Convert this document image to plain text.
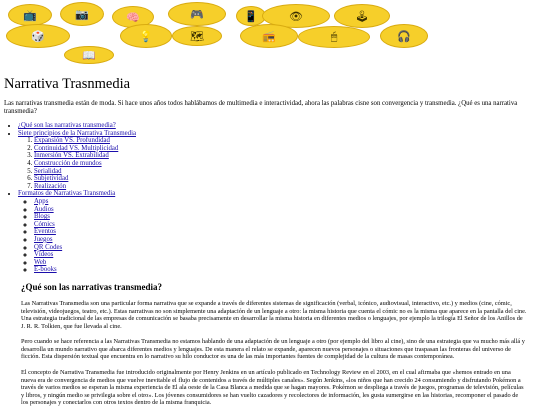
📺	📷	🧠	🎮	📱	👁	🕹
🎲	💡	🗺	📻	🖱	🎧
📖
Narrativa Trasnmedia

Las narrativas transmedia están de moda. Si hace unos años todos hablábamos de multimedia e interactividad, ahora las palabras cisne son convergencia y transmedia. ¿Qué es una narrativa transmedia?

• ¿Qué son las narrativas transmedia?
• Siete principios de la Narrativa Transmedia
1. Expansión VS. Profundidad
2. Continuidad VS. Multiplicidad
3. Inmersión VS. Extrabilidad
4. Construcción de mundos
5. Serialidad
6. Subjetividad
7. Realización
• Formatos de Narrativas Transmedia
◦ Apps
◦ Audios
◦ Blogs
◦ Cómics
◦ Eventos
◦ Juegos
◦ QR Codes
◦ Vídeos
◦ Web
◦ E-books
¿Qué son las narrativas transmedia?

Las Narrativas Transmedia son una particular forma narrativa que se expande a través de diferentes sistemas de significación (verbal, icónico, audiovisual, interactivo, etc.) y medios (cine, cómic, televisión, videojuegos, teatro, etc.). Estas narrativas no son simplemente una adaptación de un lenguaje a otro: la misma historia que cuenta el cómic no es la misma que aparece en la pantalla del cine. Una estrategia tradicional de las empresas de comunicación se basaba precisamente en desarrollar la misma historia en diferentes medios o lenguajes, por ejemplo la trilogía El Señor de los Anillos de J. R. R. Tolkien, que fue llevada al cine.

Pero cuando se hace referencia a las Narrativas Transmedia no estamos hablando de una adaptación de un lenguaje a otro (por ejemplo del libro al cine), sino de una estrategia que va mucho más allá y desarrolla un mundo narrativo que abarca diferentes medios y lenguajes. De esta manera el relato se expande, aparecen nuevos personajes o situaciones que traspasan las fronteras del universo de ficción. Esta dispersión textual que encuentra en lo narrativo su hilo conductor es una de las más importantes fuentes de complejidad de la cultura de masas contemporánea.

El concepto de Narrativa Transmedia fue introducido originalmente por Henry Jenkins en un artículo publicado en Technology Review en el 2003, en el cual afirmaba que «hemos entrado en una nueva era de convergencia de medios que vuelve inevitable el flujo de contenidos a través de múltiples canales». Según Jenkins, «los niños que han crecido 24 consumiendo y disfrutando Pokémon a través de varios medios se esperan la misma experiencia de El ala oeste de la Casa Blanca a medida que se hagan mayores. Pokémon se despliega a través de juegos, programas de televisión, películas y libros, y ningún medio se privilegia sobre el otro». Los jóvenes consumidores se han vuelto cazadores y recolectores de información, les gusta sumergirse en las historias, recomponer el pasado de los personajes y conectarlos con otros textos dentro de la misma franquicia.
